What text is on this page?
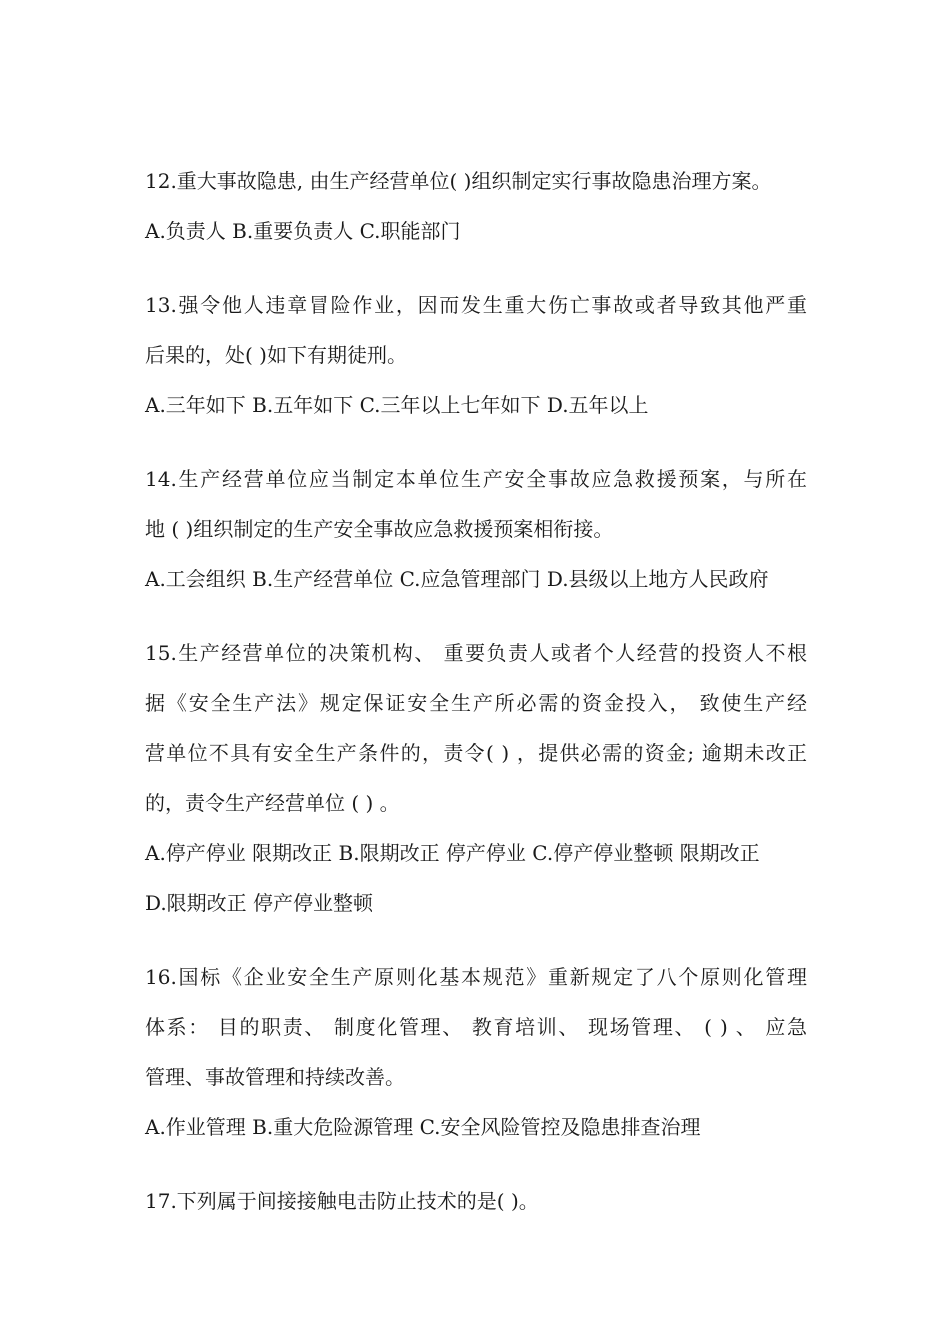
12.重大事故隐患, 由生产经营单位( )组织制定实行事故隐患治理方案。
A.负责人 B.重要负责人 C.职能部门
13.强令他人违章冒险作业，因而发生重大伤亡事故或者导致其他严重
后果的，处( )如下有期徒刑。
A.三年如下 B.五年如下 C.三年以上七年如下 D.五年以上
14.生产经营单位应当制定本单位生产安全事故应急救援预案，与所在
地 ( )组织制定的生产安全事故应急救援预案相衔接。
A.工会组织 B.生产经营单位 C.应急管理部门 D.县级以上地方人民政府
15.生产经营单位的决策机构、 重要负责人或者个人经营的投资人不根
据《安全生产法》规定保证安全生产所必需的资金投入， 致使生产经
营单位不具有安全生产条件的，责令( ) ，提供必需的资金; 逾期未改正
的，责令生产经营单位 ( ) 。
A.停产停业 限期改正 B.限期改正 停产停业 C.停产停业整顿 限期改正
D.限期改正 停产停业整顿
16.国标《企业安全生产原则化基本规范》重新规定了八个原则化管理
体系： 目的职责、 制度化管理、 教育培训、 现场管理、 ( ) 、 应急
管理、事故管理和持续改善。
A.作业管理 B.重大危险源管理 C.安全风险管控及隐患排查治理
17.下列属于间接接触电击防止技术的是( )。
